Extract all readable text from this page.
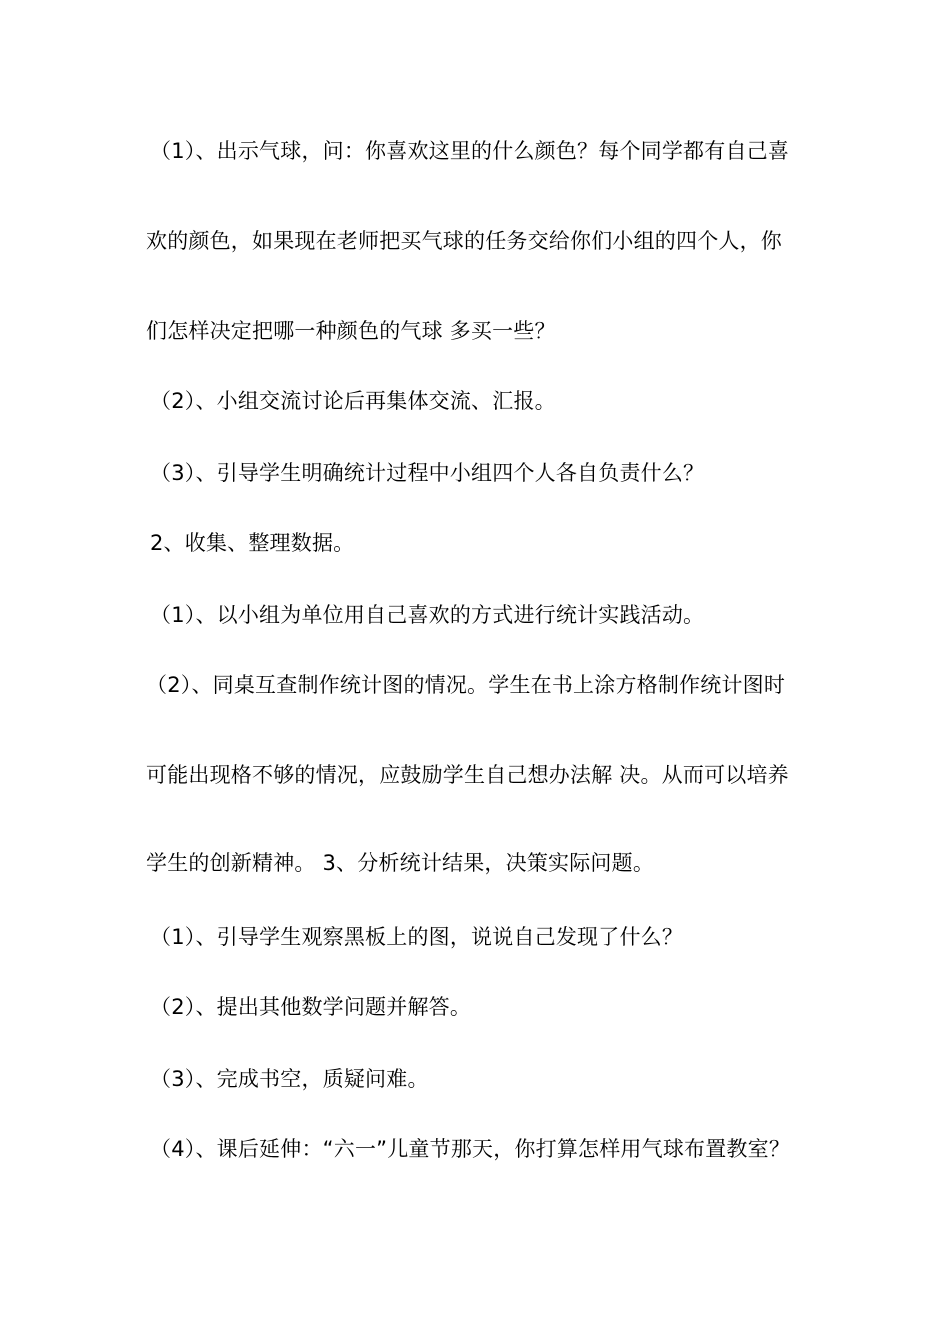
（1）、出示气球，问：你喜欢这里的什么颜色？每个同学都有自己喜
欢的颜色，如果现在老师把买气球的任务交给你们小组的四个人，你
们怎样决定把哪一种颜色的气球 多买一些？
（2）、小组交流讨论后再集体交流、汇报。
（3）、引导学生明确统计过程中小组四个人各自负责什么？
2、收集、整理数据。
（1）、以小组为单位用自己喜欢的方式进行统计实践活动。
（2）、同桌互查制作统计图的情况。学生在书上涂方格制作统计图时
可能出现格不够的情况，应鼓励学生自己想办法解 决。从而可以培养
学生的创新精神。 3、分析统计结果，决策实际问题。
（1）、引导学生观察黑板上的图，说说自己发现了什么？
（2）、提出其他数学问题并解答。
（3）、完成书空，质疑问难。
（4）、课后延伸：“六一”儿童节那天，你打算怎样用气球布置教室？
